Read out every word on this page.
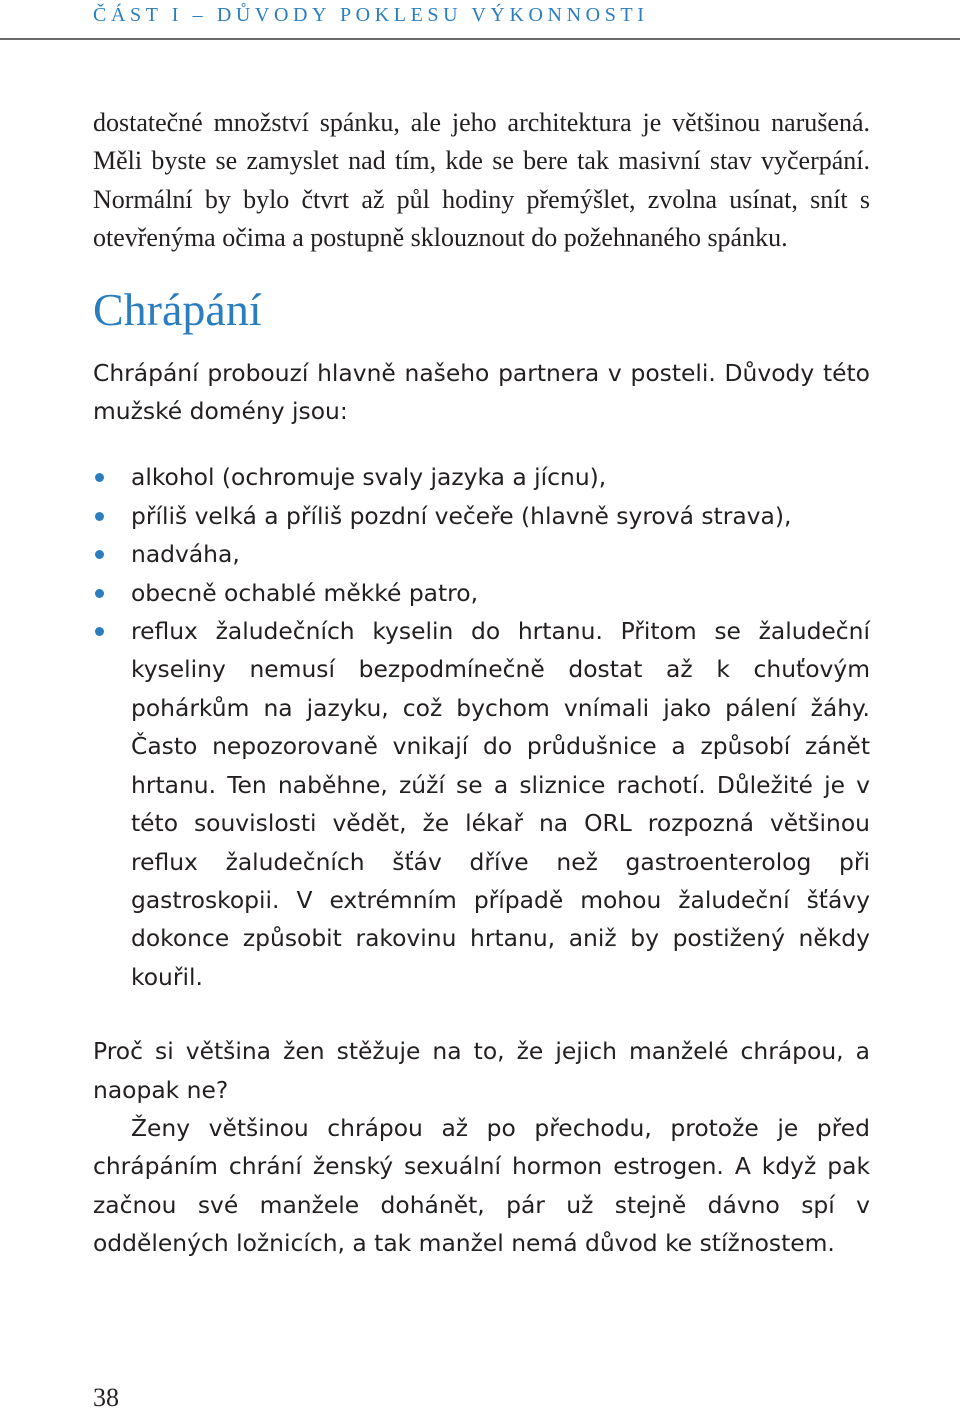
ČÁST I – DŮVODY POKLESU VÝKONNOSTI

dostatečné množství spánku, ale jeho architektura je většinou narušená. Měli byste se zamyslet nad tím, kde se bere tak masivní stav vyčerpání. Normální by bylo čtvrt až půl hodiny přemýšlet, zvolna usínat, snít s otevřenýma očima a postupně sklouznout do požehnaného spánku.

Chrápání

Chrápání probouzí hlavně našeho partnera v posteli. Důvody této mužské domény jsou:

alkohol (ochromuje svaly jazyka a jícnu),
příliš velká a příliš pozdní večeře (hlavně syrová strava),
nadváha,
obecně ochablé měkké patro,
reflux žaludečních kyselin do hrtanu. Přitom se žaludeční kyseliny nemusí bezpodmínečně dostat až k chuťovým pohárkům na jazyku, což bychom vnímali jako pálení žáhy. Často nepozorovaně vnikají do průdušnice a způsobí zánět hrtanu. Ten naběhne, zúží se a sliznice rachotí. Důležité je v této souvislosti vědět, že lékař na ORL rozpozná většinou reflux žaludečních šťáv dříve než gastroenterolog při gastroskopii. V extrémním případě mohou žaludeční šťávy dokonce způsobit rakovinu hrtanu, aniž by postižený někdy kouřil.

Proč si většina žen stěžuje na to, že jejich manželé chrápou, a naopak ne?

Ženy většinou chrápou až po přechodu, protože je před chrápáním chrání ženský sexuální hormon estrogen. A když pak začnou své manžele dohánět, pár už stejně dávno spí v oddělených ložnicích, a tak manžel nemá důvod ke stížnostem.

38
